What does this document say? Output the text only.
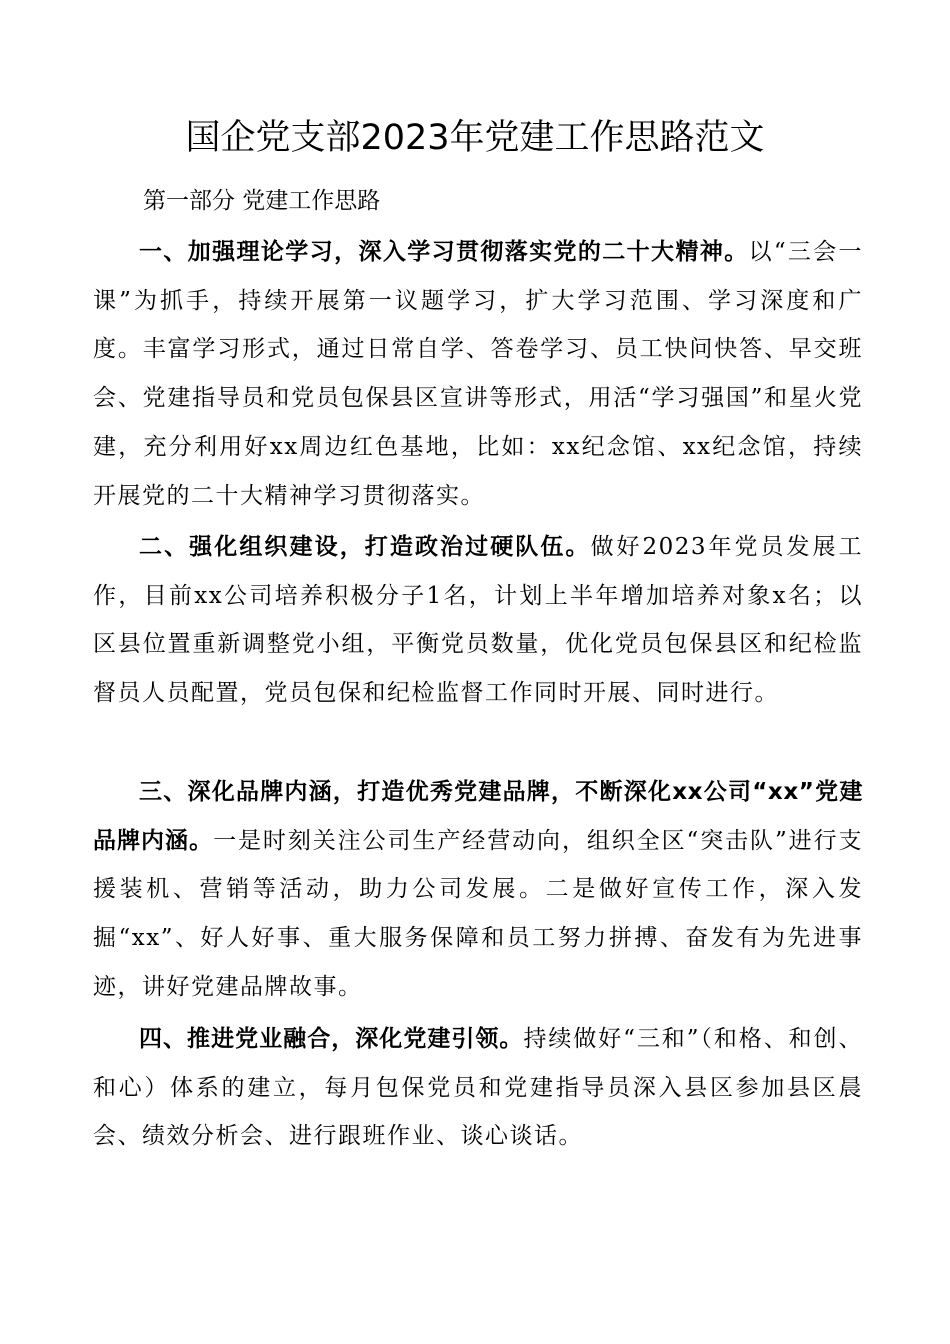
国企党支部2023年党建工作思路范文
第一部分 党建工作思路

一、加强理论学习，深入学习贯彻落实党的二十大精神。以“三会一课”为抓手，持续开展第一议题学习，扩大学习范围、学习深度和广度。丰富学习形式，通过日常自学、答卷学习、员工快问快答、早交班会、党建指导员和党员包保县区宣讲等形式，用活“学习强国”和星火党建，充分利用好xx周边红色基地，比如：xx纪念馆、xx纪念馆，持续开展党的二十大精神学习贯彻落实。

二、强化组织建设，打造政治过硬队伍。做好2023年党员发展工作，目前xx公司培养积极分子1名，计划上半年增加培养对象x名；以区县位置重新调整党小组，平衡党员数量，优化党员包保县区和纪检监督员人员配置，党员包保和纪检监督工作同时开展、同时进行。

三、深化品牌内涵，打造优秀党建品牌，不断深化xx公司“xx”党建品牌内涵。一是时刻关注公司生产经营动向，组织全区“突击队”进行支援装机、营销等活动，助力公司发展。二是做好宣传工作，深入发掘“xx”、好人好事、重大服务保障和员工努力拼搏、奋发有为先进事迹，讲好党建品牌故事。

四、推进党业融合，深化党建引领。持续做好“三和”（和格、和创、和心）体系的建立，每月包保党员和党建指导员深入县区参加县区晨会、绩效分析会、进行跟班作业、谈心谈话。
